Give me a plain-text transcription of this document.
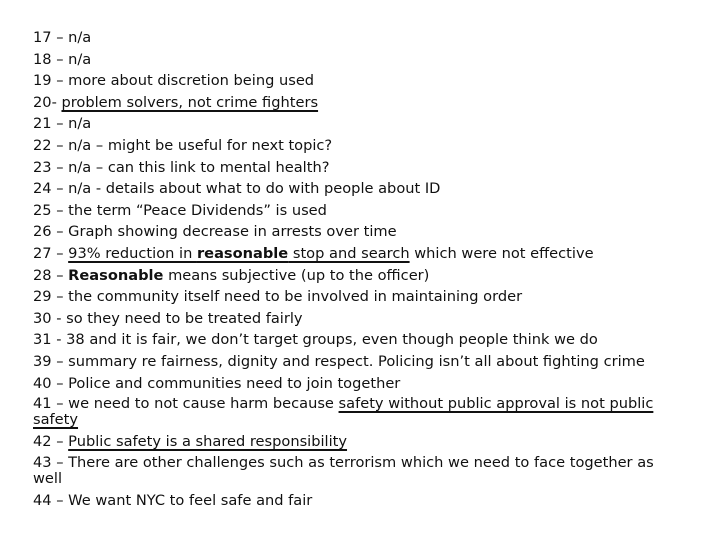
17 – n/a

18 – n/a

19 – more about discretion being used

20- problem solvers, not crime fighters

21 – n/a

22 – n/a – might be useful for next topic?

23 – n/a – can this link to mental health?

24 – n/a - details about what to do with people about ID

25 – the term “Peace Dividends” is used

26 – Graph showing decrease in arrests over time

27 – 93% reduction in reasonable stop and search which were not effective

28 – Reasonable means subjective (up to the officer)

29 – the community itself need to be involved in maintaining order

30 - so they need to be treated fairly

31 - 38 and it is fair, we don’t target groups, even though people think we do

39 – summary re fairness, dignity and respect. Policing isn’t all about fighting crime

40 – Police and communities need to join together

41 – we need to not cause harm because safety without public approval is not public safety

42 – Public safety is a shared responsibility

43 – There are other challenges such as terrorism which we need to face together as well

44 – We want NYC to feel safe and fair
